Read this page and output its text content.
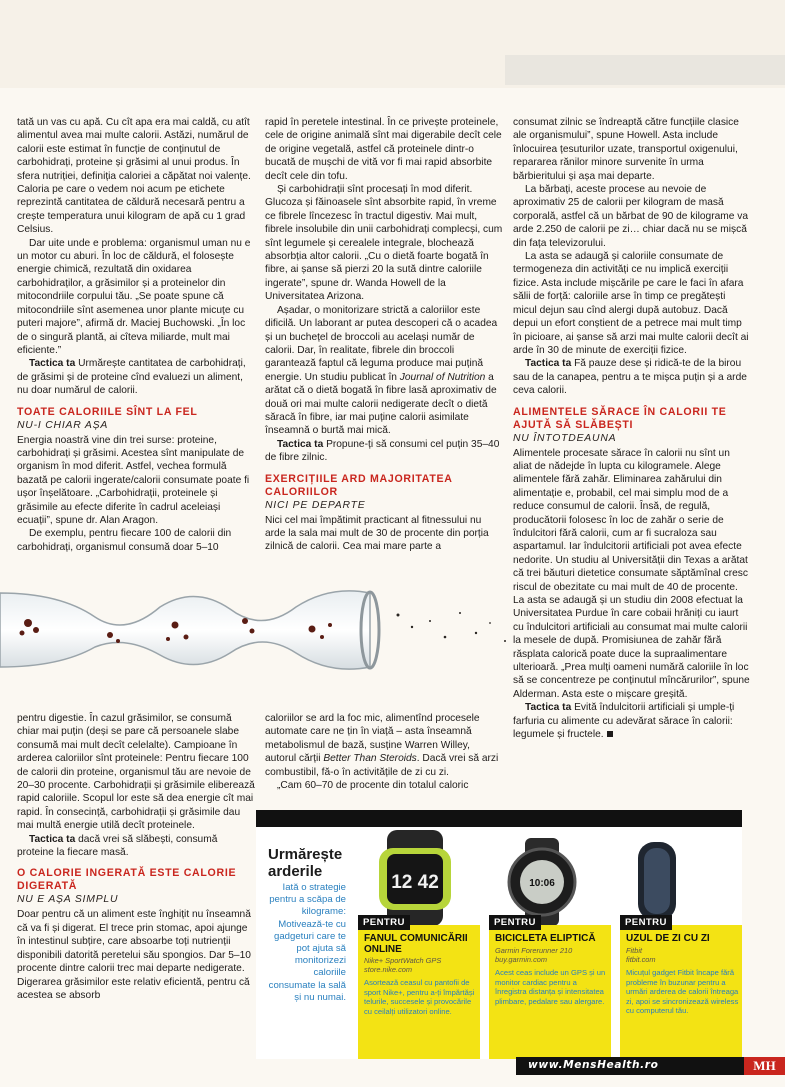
tată un vas cu apă. Cu cît apa era mai caldă, cu atît alimentul avea mai multe calorii. Astăzi, numărul de calorii este estimat în funcție de conținutul de carbohidrați, proteine și grăsimi al unui produs. În sfera nutriției, definiția caloriei a căpătat noi valențe. Caloria pe care o vedem noi acum pe etichete reprezintă cantitatea de căldură necesară pentru a crește temperatura unui kilogram de apă cu 1 grad Celsius.

Dar uite unde e problema: organismul uman nu e un motor cu aburi. În loc de căldură, el folosește energie chimică, rezultată din oxidarea carbohidraților, a grăsimilor și a proteinelor din mitocondriile corpului tău. „Se poate spune că mitocondriile sînt asemenea unor plante micuțe cu puteri majore”, afirmă dr. Maciej Buchowski. „În loc de o singură plantă, ai cîteva miliarde, mult mai eficiente.”

Tactica ta Urmărește cantitatea de carbohidrați, de grăsimi și de proteine cînd evaluezi un aliment, nu doar numărul de calorii.

TOATE CALORIILE SÎNT LA FEL
NU-I CHIAR AȘA

Energia noastră vine din trei surse: proteine, carbohidrați și grăsimi. Acestea sînt manipulate de organism în mod diferit. Astfel, vechea formulă bazată pe calorii ingerate/calorii consumate poate fi ușor înșelătoare. „Carbohidrații, proteinele și grăsimile au efecte diferite în cadrul aceleiași ecuații”, spune dr. Alan Aragon.

De exemplu, pentru fiecare 100 de calorii din carbohidrați, organismul consumă doar 5–10

rapid în peretele intestinal. În ce privește proteinele, cele de origine animală sînt mai digerabile decît cele de origine vegetală, astfel că proteinele dintr-o bucată de mușchi de vită vor fi mai rapid absorbite decît cele din tofu.

Și carbohidrații sînt procesați în mod diferit. Glucoza și făinoasele sînt absorbite rapid, în vreme ce fibrele lîncezesc în tractul digestiv. Mai mult, fibrele insolubile din unii carbohidrați complecși, cum sînt legumele și cerealele integrale, blochează absorbția altor calorii. „Cu o dietă foarte bogată în fibre, ai șanse să pierzi 20 la sută dintre caloriile ingerate”, spune dr. Wanda Howell de la Universitatea Arizona.

Așadar, o monitorizare strictă a caloriilor este dificilă. Un laborant ar putea descoperi că o acadea și un buchețel de broccoli au același număr de calorii. Dar, în realitate, fibrele din broccoli garantează faptul că leguma produce mai puțină energie. Un studiu publicat în Journal of Nutrition a arătat că o dietă bogată în fibre lasă aproximativ de două ori mai multe calorii nedigerate decît o dietă săracă în fibre, iar mai puține calorii asimilate înseamnă o burtă mai mică.

Tactica ta Propune-ți să consumi cel puțin 35–40 de fibre zilnic.

EXERCIȚIILE ARD MAJORITATEA CALORIILOR
NICI PE DEPARTE

Nici cel mai împătimit practicant al fitnessului nu arde la sala mai mult de 30 de procente din porția zilnică de calorii. Cea mai mare parte a

consumat zilnic se îndreaptă către funcțiile clasice ale organismului”, spune Howell. Asta include înlocuirea țesuturilor uzate, transportul oxigenului, repararea rănilor minore survenite în urma bărbieritului și așa mai departe.

La bărbați, aceste procese au nevoie de aproximativ 25 de calorii per kilogram de masă corporală, astfel că un bărbat de 90 de kilograme va arde 2.250 de calorii pe zi… chiar dacă nu se mișcă din fața televizorului.

La asta se adaugă și caloriile consumate de termogeneza din activități ce nu implică exerciții fizice. Asta include mișcările pe care le faci în afara sălii de forță: caloriile arse în timp ce pregătești micul dejun sau cînd alergi după autobuz. Dacă depui un efort conștient de a petrece mai mult timp în picioare, ai șanse să arzi mai multe calorii decît ai arde în 30 de minute de exerciții fizice.

Tactica ta Fă pauze dese și ridică-te de la birou sau de la canapea, pentru a te mișca puțin și a arde ceva calorii.

ALIMENTELE SĂRACE ÎN CALORII TE AJUTĂ SĂ SLĂBEȘTI
NU ÎNTOTDEAUNA

Alimentele procesate sărace în calorii nu sînt un aliat de nădejde în lupta cu kilogramele. Alege alimentele fără zahăr. Eliminarea zahărului din alimentație e, probabil, cel mai simplu mod de a reduce consumul de calorii. Însă, de regulă, producătorii folosesc în loc de zahăr o serie de îndulcitori fără calorii, cum ar fi sucraloza sau aspartamul. Iar îndulcitorii artificiali pot avea efecte nedorite. Un studiu al Universității din Texas a arătat că trei băuturi dietetice consumate săptămînal cresc riscul de obezitate cu mai mult de 40 de procente. La asta se adaugă și un studiu din 2008 efectuat la Universitatea Purdue în care cobaii hrăniți cu iaurt cu îndulcitori artificiali au consumat mai multe calorii la mesele de după. Promisiunea de zahăr fără răsplata calorică poate duce la supraalimentare ulterioară. „Prea mulți oameni numără caloriile în loc să se concentreze pe conținutul mîncărurilor”, spune Alderman. Asta este o mișcare greșită.

Tactica ta Evită îndulcitorii artificiali și umple-ți farfuria cu alimente cu adevărat sărace în calorii: legumele și fructele.

pentru digestie. În cazul grăsimilor, se consumă chiar mai puțin (deși se pare că persoanele slabe consumă mai mult decît celelalte). Campioane în arderea caloriilor sînt proteinele: Pentru fiecare 100 de calorii din proteine, organismul tău are nevoie de 20–30 procente. Carbohidrații și grăsimile eliberează rapid caloriile. Scopul lor este să dea energie cît mai rapid. În consecință, carbohidrații și grăsimile dau mai multă energie utilă decît proteinele.

Tactica ta dacă vrei să slăbești, consumă proteine la fiecare masă.

O CALORIE INGERATĂ ESTE CALORIE DIGERATĂ
NU E AȘA SIMPLU

Doar pentru că un aliment este înghițit nu înseamnă că va fi și digerat. El trece prin stomac, apoi ajunge în intestinul subțire, care absoarbe toți nutrienții disponibili datorită peretelui său spongios. Dar 5–10 procente dintre calorii trec mai departe nedigerate. Digerarea grăsimilor este relativ eficientă, pentru că acestea se absorb

caloriilor se ard la foc mic, alimentînd procesele automate care ne țin în viață – asta înseamnă metabolismul de bază, susține Warren Willey, autorul cărții Better Than Steroids. Dacă vrei să arzi combustibil, fă-o în activitățile de zi cu zi.

„Cam 60–70 de procente din totalul caloric

Urmărește arderile
Iată o strategie pentru a scăpa de kilograme: Motivează-te cu gadgeturi care te pot ajuta să monitorizezi caloriile consumate la sală și nu numai.
12 42	10:06
PENTRU
FANUL COMUNICĂRII ONLINE
Nike+ SportWatch GPS
store.nike.com
Asortează ceasul cu pantofii de sport Nike+, pentru a-ți împărtăși telurile, succesele și provocările cu ceilalți utilizatori online.
PENTRU
BICICLETA ELIPTICĂ
Garmin Forerunner 210
buy.garmin.com
Acest ceas include un GPS și un monitor cardiac pentru a înregistra distanța și intensitatea plimbare, pedalare sau alergare.
PENTRU
UZUL DE ZI CU ZI
Fitbit
fitbit.com
Micuțul gadget Fitbit încape fără probleme în buzunar pentru a urmări arderea de calorii întreaga zi, apoi se sincronizează wireless cu computerul tău.
www.MensHealth.ro	MH
